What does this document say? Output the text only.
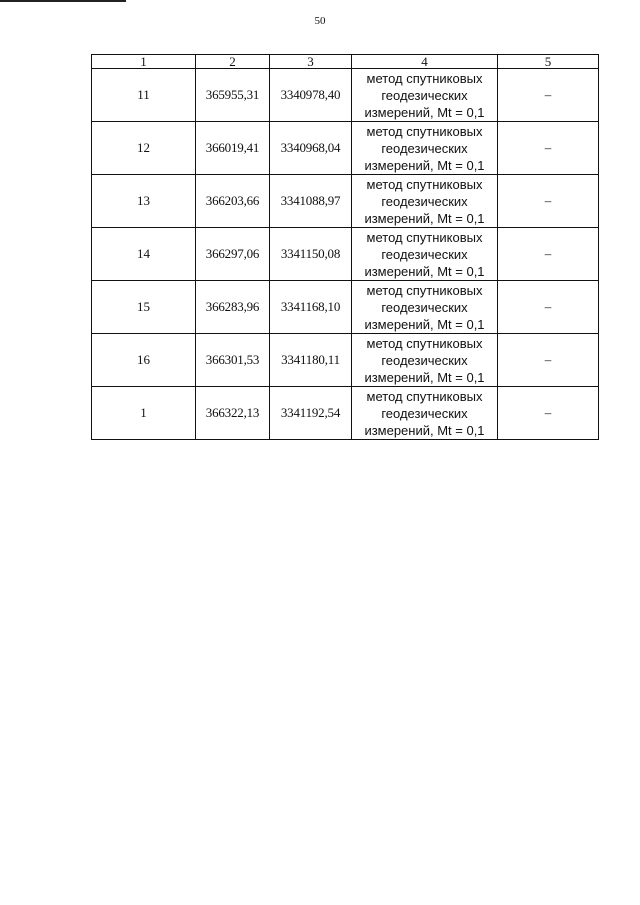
50
1	2	3	4	5
11	365955,31	3340978,40	метод спутниковых
геодезических
измерений, Mt = 0,1	–
12	366019,41	3340968,04	метод спутниковых
геодезических
измерений, Mt = 0,1	–
13	366203,66	3341088,97	метод спутниковых
геодезических
измерений, Mt = 0,1	–
14	366297,06	3341150,08	метод спутниковых
геодезических
измерений, Mt = 0,1	–
15	366283,96	3341168,10	метод спутниковых
геодезических
измерений, Mt = 0,1	–
16	366301,53	3341180,11	метод спутниковых
геодезических
измерений, Mt = 0,1	–
1	366322,13	3341192,54	метод спутниковых
геодезических
измерений, Mt = 0,1	–
